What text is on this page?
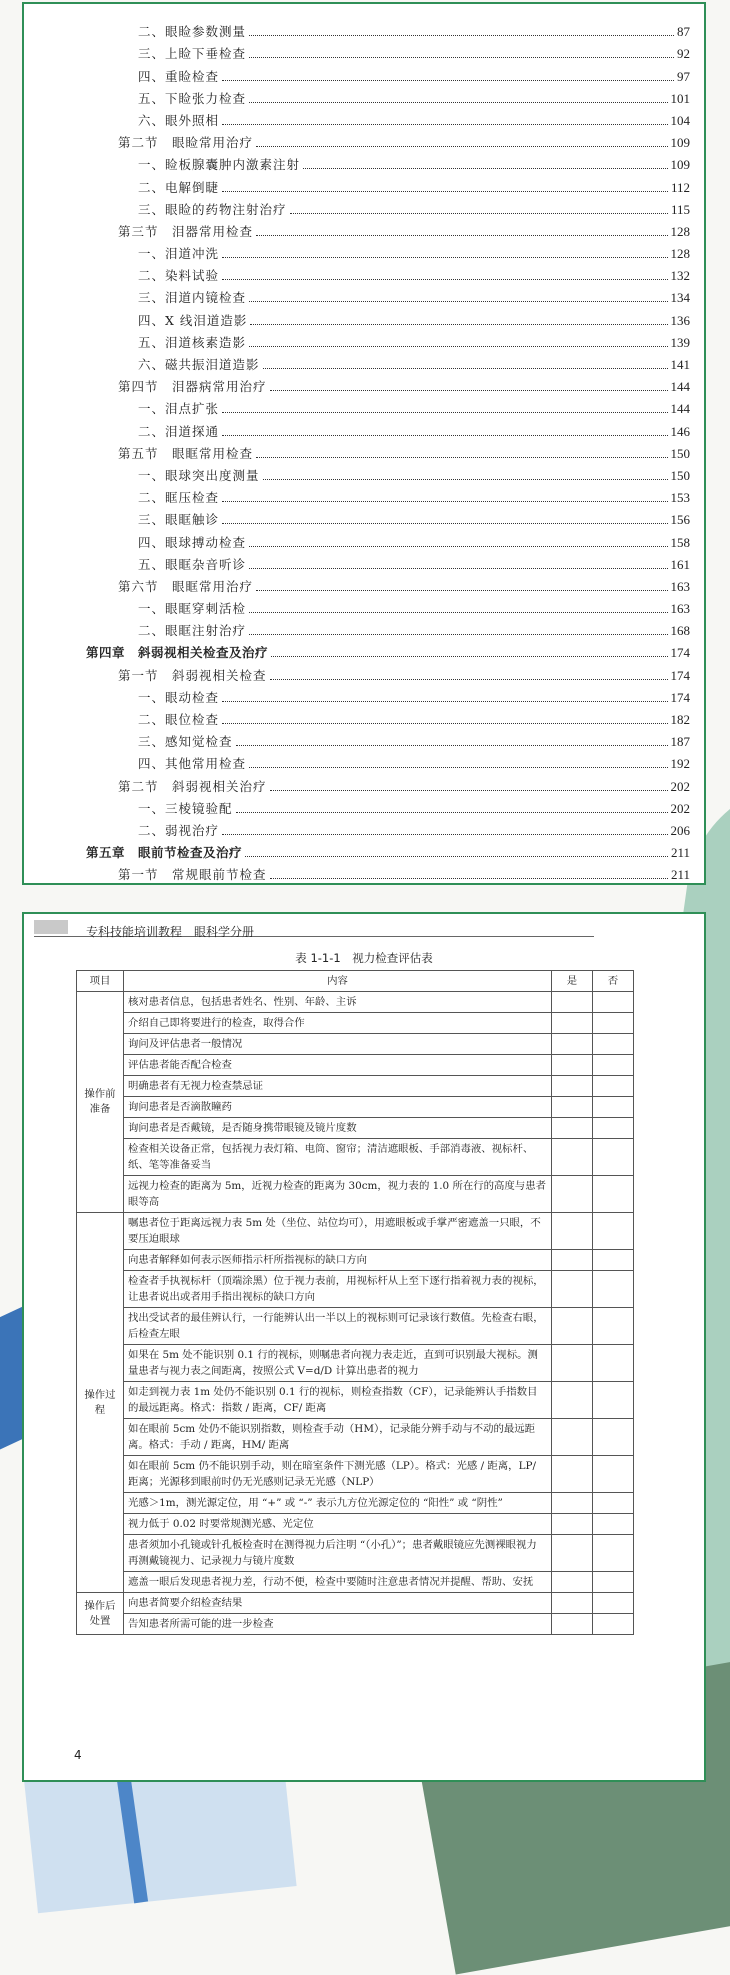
二、眼睑参数测量	87
三、上睑下垂检查	92
四、重睑检查	97
五、下睑张力检查	101
六、眼外照相	104
第二节　眼睑常用治疗	109
一、睑板腺囊肿内激素注射	109
二、电解倒睫	112
三、眼睑的药物注射治疗	115
第三节　泪器常用检查	128
一、泪道冲洗	128
二、染料试验	132
三、泪道内镜检查	134
四、X 线泪道造影	136
五、泪道核素造影	139
六、磁共振泪道造影	141
第四节　泪器病常用治疗	144
一、泪点扩张	144
二、泪道探通	146
第五节　眼眶常用检查	150
一、眼球突出度测量	150
二、眶压检查	153
三、眼眶触诊	156
四、眼球搏动检查	158
五、眼眶杂音听诊	161
第六节　眼眶常用治疗	163
一、眼眶穿刺活检	163
二、眼眶注射治疗	168
第四章　斜弱视相关检查及治疗	174
第一节　斜弱视相关检查	174
一、眼动检查	174
二、眼位检查	182
三、感知觉检查	187
四、其他常用检查	192
第二节　斜弱视相关治疗	202
一、三棱镜验配	202
二、弱视治疗	206
第五章　眼前节检查及治疗	211
第一节　常规眼前节检查	211
专科技能培训教程　眼科学分册
表 1-1-1　视力检查评估表
项目	内容	是	否
操作前准备	核对患者信息，包括患者姓名、性别、年龄、主诉		
	介绍自己即将要进行的检查，取得合作		
	询问及评估患者一般情况		
	评估患者能否配合检查		
	明确患者有无视力检查禁忌证		
	询问患者是否滴散瞳药		
	询问患者是否戴镜，是否随身携带眼镜及镜片度数		
	检查相关设备正常，包括视力表灯箱、电筒、窗帘；清洁遮眼板、手部消毒液、视标杆、纸、笔等准备妥当		
	远视力检查的距离为 5m，近视力检查的距离为 30cm，视力表的 1.0 所在行的高度与患者眼等高		
操作过程	嘱患者位于距离远视力表 5m 处（坐位、站位均可），用遮眼板或手掌严密遮盖一只眼，不要压迫眼球		
	向患者解释如何表示医师指示杆所指视标的缺口方向		
	检查者手执视标杆（顶端涂黑）位于视力表前，用视标杆从上至下逐行指着视力表的视标，让患者说出或者用手指出视标的缺口方向		
	找出受试者的最佳辨认行，一行能辨认出一半以上的视标则可记录该行数值。先检查右眼，后检查左眼		
	如果在 5m 处不能识别 0.1 行的视标，则嘱患者向视力表走近，直到可识别最大视标。测量患者与视力表之间距离，按照公式 V=d/D 计算出患者的视力		
	如走到视力表 1m 处仍不能识别 0.1 行的视标，则检查指数（CF），记录能辨认手指数目的最远距离。格式：指数 / 距离，CF/ 距离		
	如在眼前 5cm 处仍不能识别指数，则检查手动（HM），记录能分辨手动与不动的最远距离。格式：手动 / 距离，HM/ 距离		
	如在眼前 5cm 仍不能识别手动，则在暗室条件下测光感（LP）。格式：光感 / 距离，LP/ 距离；光源移到眼前时仍无光感则记录无光感（NLP）		
	光感＞1m，测光源定位，用 “+” 或 “-” 表示九方位光源定位的 “阳性” 或 “阴性”		
	视力低于 0.02 时要常规测光感、光定位		
	患者须加小孔镜或针孔板检查时在测得视力后注明 “（小孔）”；患者戴眼镜应先测裸眼视力再测戴镜视力、记录视力与镜片度数		
	遮盖一眼后发现患者视力差，行动不便，检查中要随时注意患者情况并提醒、帮助、安抚		
操作后处置	向患者简要介绍检查结果		
	告知患者所需可能的进一步检查		
4
